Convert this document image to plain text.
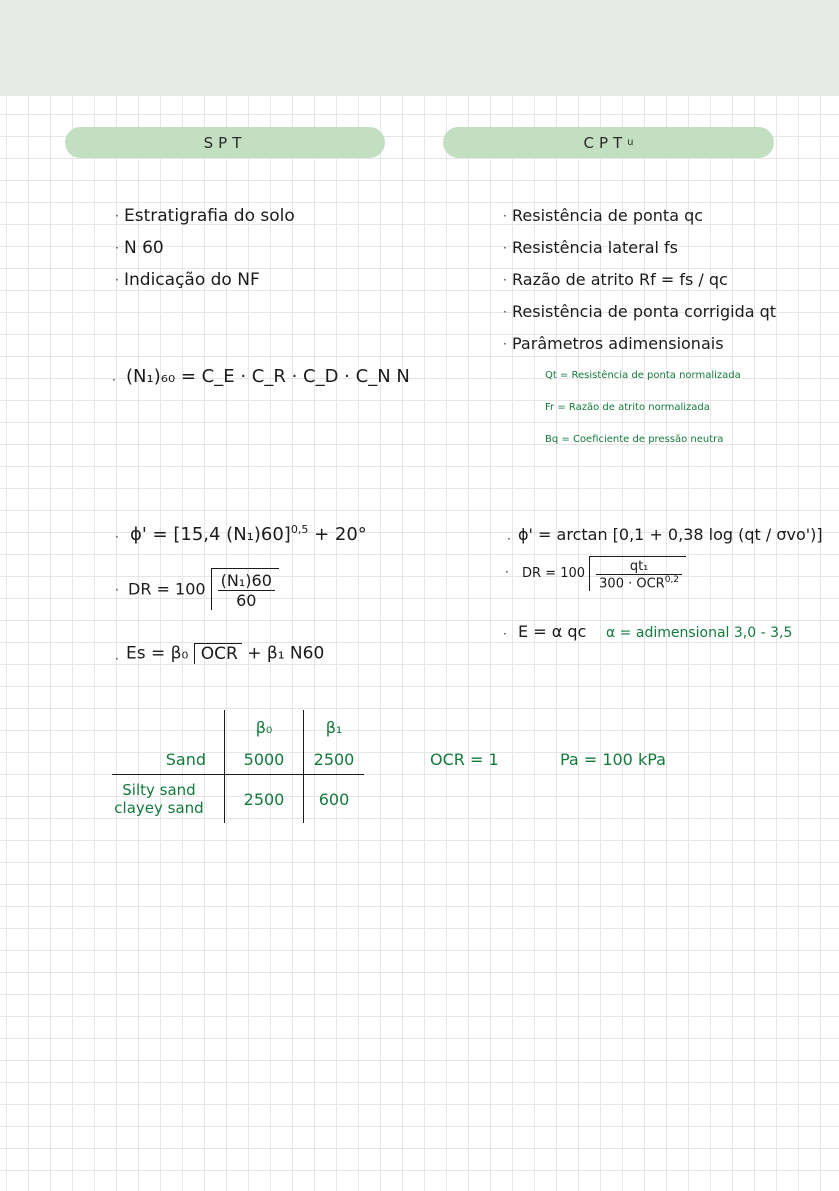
SPT	CPT u
· Estratigrafia do solo
· N 60
· Indicação do NF
· Resistência de ponta qc
· Resistência lateral fs
· Razão de atrito Rf = fs / qc
· Resistência de ponta corrigida qt
· Parâmetros adimensionais
Qt = Resistência de ponta normalizada
Fr = Razão de atrito normalizada
Bq = Coeficiente de pressão neutra
· (N₁)₆₀ = C_E · C_R · C_D · C_N N
· ϕ' = [15,4 (N₁)60]$^{0,5}$ + 20°
· DR = $100 \frac{\text{(N₁)60}}{60}$
· Es = β₀ OCR + β₁ N60
· ϕ' = arctan [0,1 + 0,38 log (qt / σvo')]
· DR = $100 \frac{\text{qt₁}}{300 \cdot OCR^{0,2}}$
· E = α qc α = adimensional 3,0 - 3,5
	β₀	β₁
Sand	5000	2500
Silty sand
clayey sand	2500	600
OCR = 1	Pa = 100 kPa
